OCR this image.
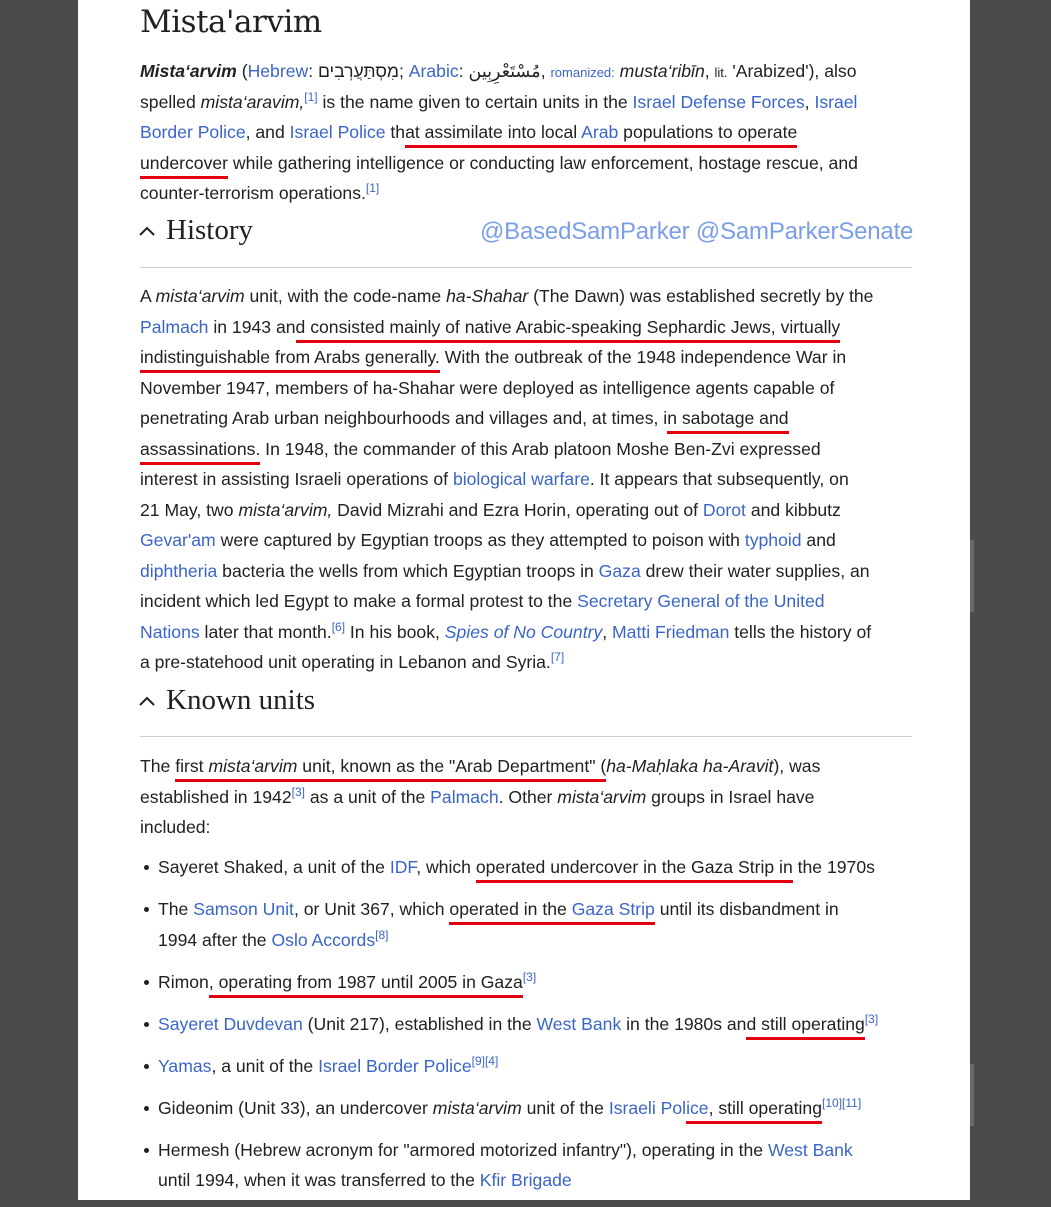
Mista'arvim
Mista‘arvim (Hebrew: מִסְתַּעֲרְבִים; Arabic: مُسْتَعْرِبِين, romanized: musta‘ribīn, lit. 'Arabized'), also
spelled mista‘aravim,[1] is the name given to certain units in the Israel Defense Forces, Israel
Border Police, and Israel Police that assimilate into local Arab populations to operate
undercover while gathering intelligence or conducting law enforcement, hostage rescue, and
counter-terrorism operations.[1]
History	@BasedSamParker @SamParkerSenate
A mista‘arvim unit, with the code-name ha-Shahar (The Dawn) was established secretly by the
Palmach in 1943 and consisted mainly of native Arabic-speaking Sephardic Jews, virtually
indistinguishable from Arabs generally. With the outbreak of the 1948 independence War in
November 1947, members of ha-Shahar were deployed as intelligence agents capable of
penetrating Arab urban neighbourhoods and villages and, at times, in sabotage and
assassinations. In 1948, the commander of this Arab platoon Moshe Ben-Zvi expressed
interest in assisting Israeli operations of biological warfare. It appears that subsequently, on
21 May, two mista‘arvim, David Mizrahi and Ezra Horin, operating out of Dorot and kibbutz
Gevar'am were captured by Egyptian troops as they attempted to poison with typhoid and
diphtheria bacteria the wells from which Egyptian troops in Gaza drew their water supplies, an
incident which led Egypt to make a formal protest to the Secretary General of the United
Nations later that month.[6] In his book, Spies of No Country, Matti Friedman tells the history of
a pre-statehood unit operating in Lebanon and Syria.[7]
Known units
The first mista‘arvim unit, known as the "Arab Department" (ha-Maḥlaka ha-Aravit), was
established in 1942[3] as a unit of the Palmach. Other mista‘arvim groups in Israel have
included:
Sayeret Shaked, a unit of the IDF, which operated undercover in the Gaza Strip in the 1970s
The Samson Unit, or Unit 367, which operated in the Gaza Strip until its disbandment in
1994 after the Oslo Accords[8]
Rimon, operating from 1987 until 2005 in Gaza[3]
Sayeret Duvdevan (Unit 217), established in the West Bank in the 1980s and still operating[3]
Yamas, a unit of the Israel Border Police[9][4]
Gideonim (Unit 33), an undercover mista‘arvim unit of the Israeli Police, still operating[10][11]
Hermesh (Hebrew acronym for "armored motorized infantry"), operating in the West Bank
until 1994, when it was transferred to the Kfir Brigade
